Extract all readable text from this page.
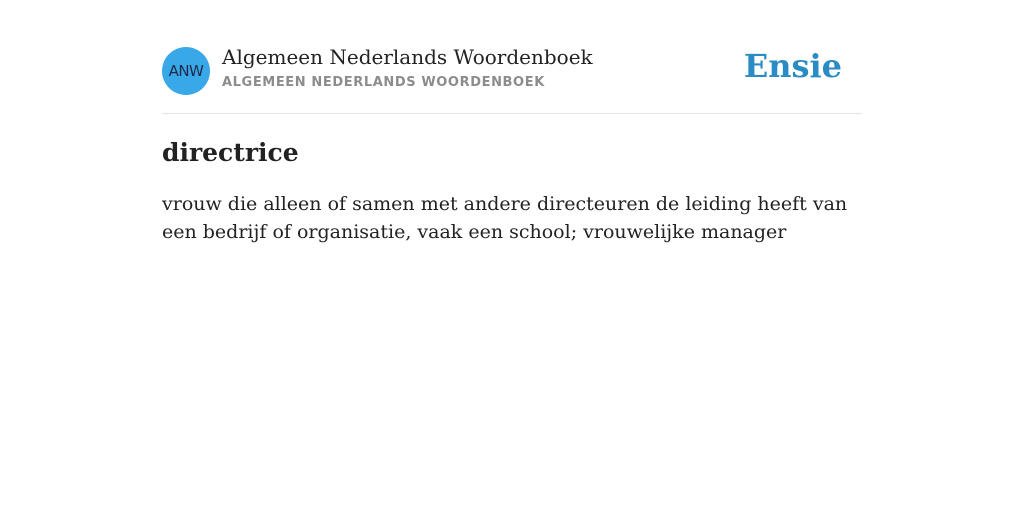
ANW
Algemeen Nederlands Woordenboek
ALGEMEEN NEDERLANDS WOORDENBOEK	Ensie
directrice

vrouw die alleen of samen met andere directeuren de leiding heeft van een bedrijf of organisatie, vaak een school; vrouwelijke manager
